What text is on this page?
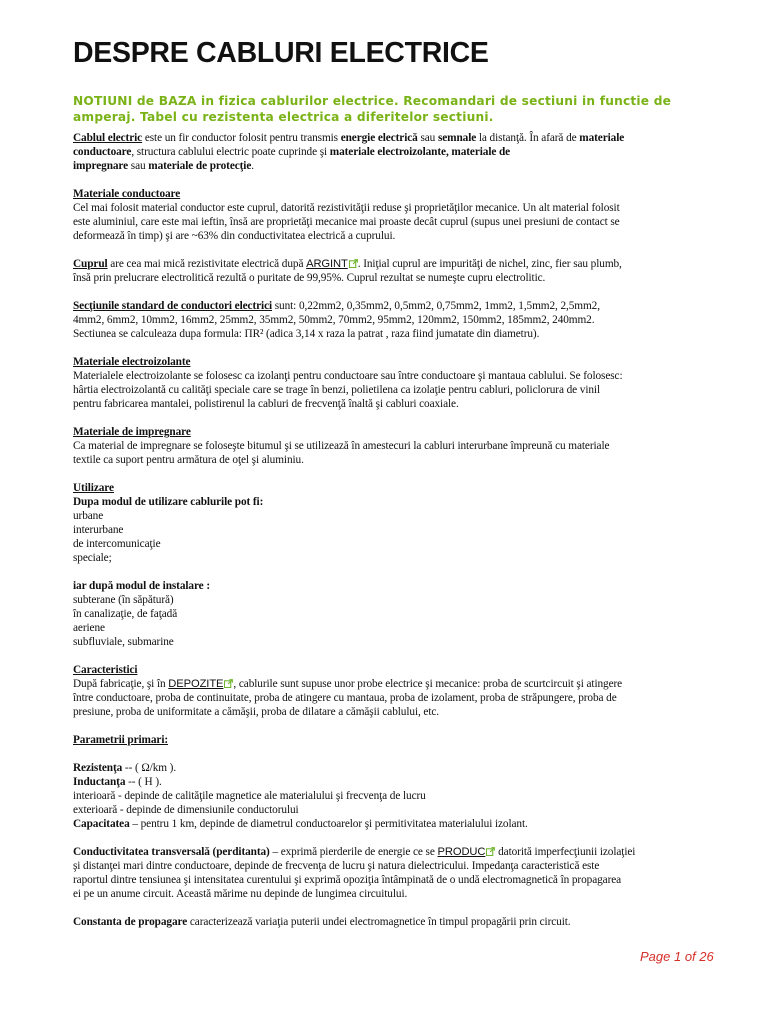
DESPRE CABLURI ELECTRICE

NOTIUNI de BAZA in fizica cablurilor electrice. Recomandari de sectiuni in functie de amperaj. Tabel cu rezistenta electrica a diferitelor sectiuni.

Cablul electric este un fir conductor folosit pentru transmis energie electrică sau semnale la distanţă. În afară de materiale
conductoare, structura cablului electric poate cuprinde şi materiale electroizolante, materiale de
impregnare sau materiale de protecţie.
Materiale conductoare
Cel mai folosit material conductor este cuprul, datorită rezistivităţii reduse şi proprietăţilor mecanice. Un alt material folosit
este aluminiul, care este mai ieftin, însă are proprietăţi mecanice mai proaste decât cuprul (supus unei presiuni de contact se
deformează în timp) şi are ~63% din conductivitatea electrică a cuprului.
Cuprul are cea mai mică rezistivitate electrică după ARGINT . Iniţial cuprul are impurităţi de nichel, zinc, fier sau plumb,
însă prin prelucrare electrolitică rezultă o puritate de 99,95%. Cuprul rezultat se numeşte cupru electrolitic.
Secţiunile standard de conductori electrici sunt: 0,22mm2, 0,35mm2, 0,5mm2, 0,75mm2, 1mm2, 1,5mm2, 2,5mm2,
4mm2, 6mm2, 10mm2, 16mm2, 25mm2, 35mm2, 50mm2, 70mm2, 95mm2, 120mm2, 150mm2, 185mm2, 240mm2.
Sectiunea se calculeaza dupa formula: ΠR² (adica 3,14 x raza la patrat , raza fiind jumatate din diametru).
Materiale electroizolante
Materialele electroizolante se folosesc ca izolanţi pentru conductoare sau între conductoare şi mantaua cablului. Se folosesc:
hârtia electroizolantă cu calităţi speciale care se trage în benzi, polietilena ca izolaţie pentru cabluri, policlorura de vinil
pentru fabricarea mantalei, polistirenul la cabluri de frecvenţă înaltă şi cabluri coaxiale.
Materiale de impregnare
Ca material de impregnare se foloseşte bitumul şi se utilizează în amestecuri la cabluri interurbane împreună cu materiale
textile ca suport pentru armătura de oţel şi aluminiu.
Utilizare
Dupa modul de utilizare cablurile pot fi:
urbane
interurbane
de intercomunicaţie
speciale;
iar după modul de instalare :
subterane (în săpătură)
în canalizaţie, de faţadă
aeriene
subfluviale, submarine
Caracteristici
După fabricaţie, şi în DEPOZITE , cablurile sunt supuse unor probe electrice şi mecanice: proba de scurtcircuit şi atingere
între conductoare, proba de continuitate, proba de atingere cu mantaua, proba de izolament, proba de străpungere, proba de
presiune, proba de uniformitate a cămăşii, proba de dilatare a cămăşii cablului, etc.
Parametrii primari:
Rezistenţa -- ( Ω/km ).
Inductanţa -- ( H ).
interioară - depinde de calităţile magnetice ale materialului şi frecvenţa de lucru
exterioară - depinde de dimensiunile conductorului
Capacitatea – pentru 1 km, depinde de diametrul conductoarelor şi permitivitatea materialului izolant.
Conductivitatea transversală (perditanta) – exprimă pierderile de energie ce se PRODUC datorită imperfecţiunii izolaţiei
şi distanţei mari dintre conductoare, depinde de frecvenţa de lucru şi natura dielectricului. Impedanţa caracteristică este
raportul dintre tensiunea şi intensitatea curentului şi exprimă opoziţia întâmpinată de o undă electromagnetică în propagarea
ei pe un anume circuit. Această mărime nu depinde de lungimea circuitului.
Constanta de propagare caracterizează variaţia puterii undei electromagnetice în timpul propagării prin circuit.

Page 1 of 26
